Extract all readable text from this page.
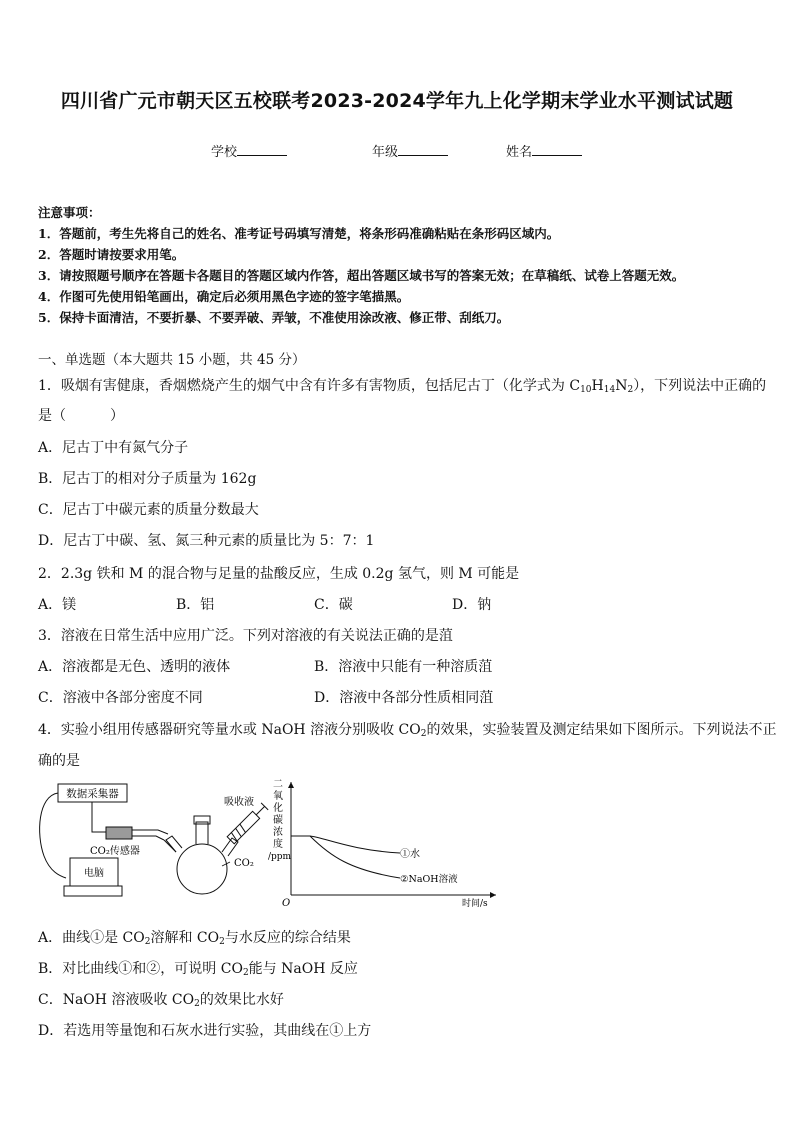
四川省广元市朝天区五校联考2023-2024学年九上化学期末学业水平测试试题
学校	年级	姓名
注意事项：
1．答题前，考生先将自己的姓名、准考证号码填写清楚，将条形码准确粘贴在条形码区域内。
2．答题时请按要求用笔。
3．请按照题号顺序在答题卡各题目的答题区域内作答，超出答题区域书写的答案无效；在草稿纸、试卷上答题无效。
4．作图可先使用铅笔画出，确定后必须用黑色字迹的签字笔描黑。
5．保持卡面清洁，不要折暴、不要弄破、弄皱，不准使用涂改液、修正带、刮纸刀。
一、单选题（本大题共 15 小题，共 45 分）
1．吸烟有害健康，香烟燃烧产生的烟气中含有许多有害物质，包括尼古丁（化学式为 $C_{10}H_{14}N_2$），下列说法中正确的
是（	）
A．尼古丁中有氮气分子
B．尼古丁的相对分子质量为 162g
C．尼古丁中碳元素的质量分数最大
D．尼古丁中碳、氢、氮三种元素的质量比为 5：7：1
2．2.3g 铁和 M 的混合物与足量的盐酸反应，生成 0.2g 氢气，则 M 可能是
A．镁	B．铝	C．碳	D．钠
3．溶液在日常生活中应用广泛。下列对溶液的有关说法正确的是菹
A．溶液都是无色、透明的液体	B．溶液中只能有一种溶质菹
C．溶液中各部分密度不同	D．溶液中各部分性质相同菹
4．实验小组用传感器研究等量水或 NaOH 溶液分别吸收 $CO_2$的效果，实验装置及测定结果如下图所示。下列说法不正
确的是
数据采集器
CO₂传感器
电脑
吸收液
CO₂
二
氧
化
碳
浓
度
/ppm
O	时间/s
①水
②NaOH溶液
A．曲线①是 $CO_2$溶解和 $CO_2$与水反应的综合结果
B．对比曲线①和②，可说明 $CO_2$能与 NaOH 反应
C．NaOH 溶液吸收 $CO_2$的效果比水好
D．若选用等量饱和石灰水进行实验，其曲线在①上方
